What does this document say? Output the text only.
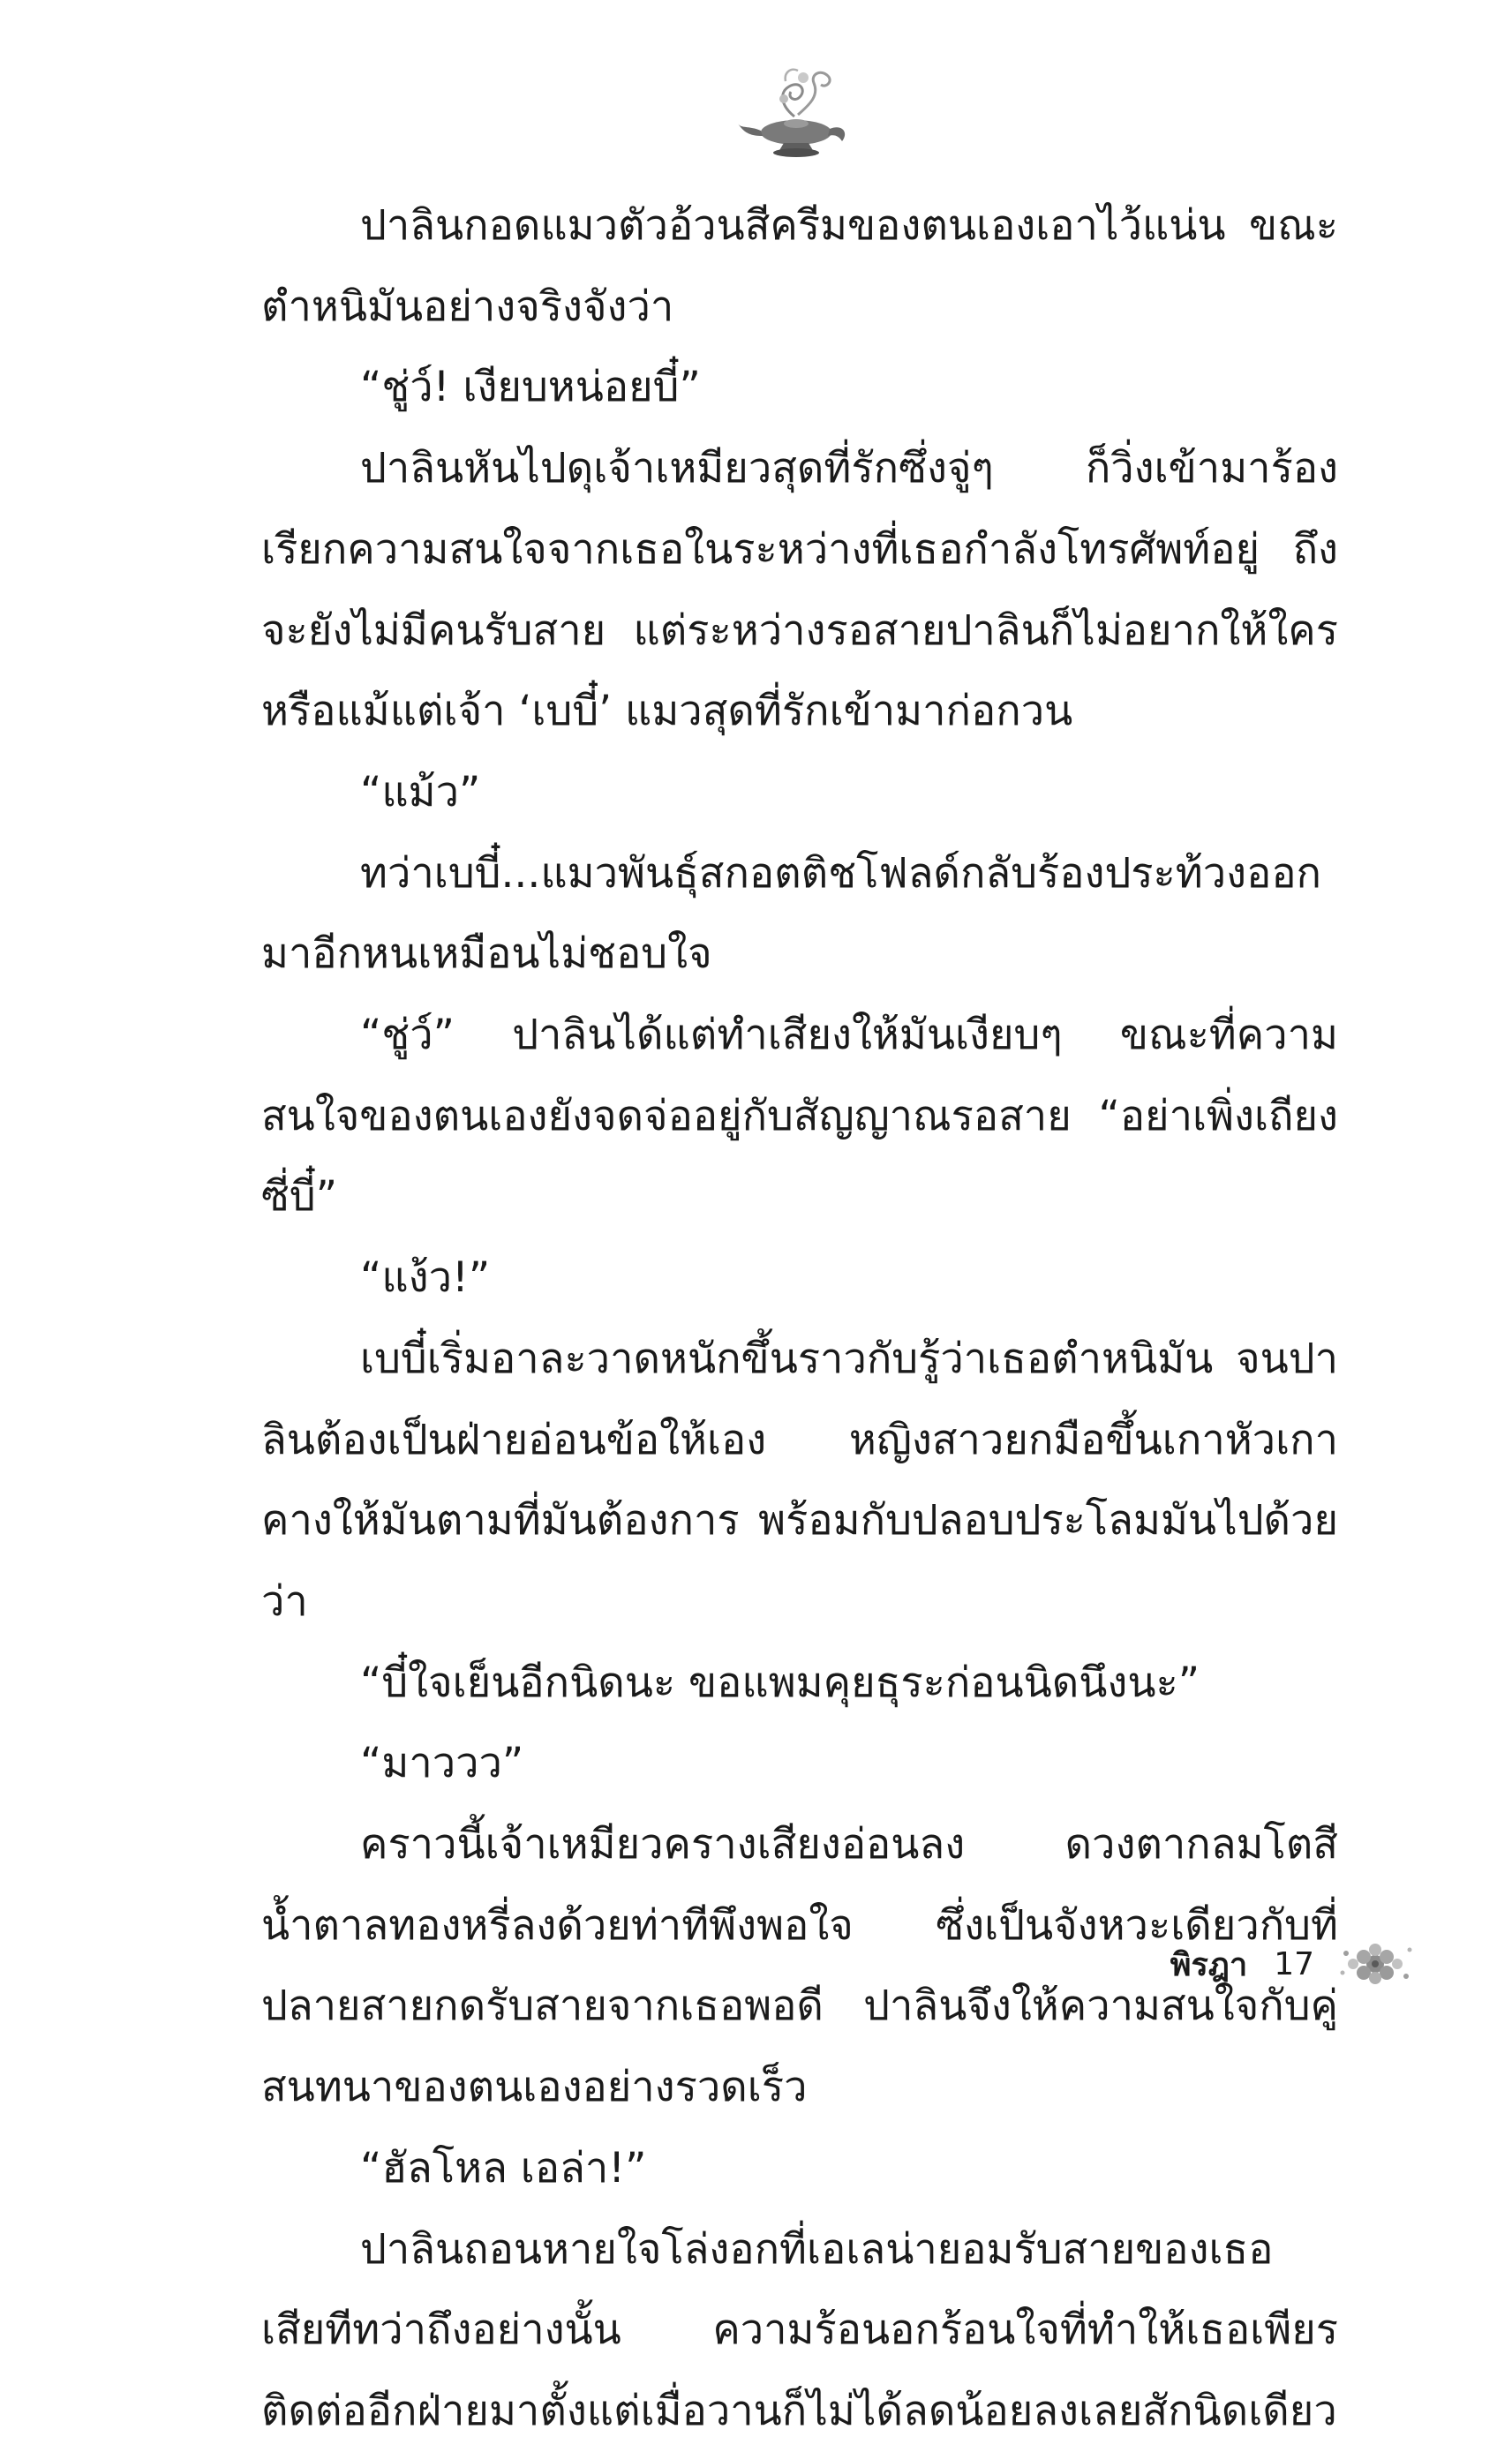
ปาลินกอดแมวตัวอ้วนสีครีมของตนเองเอาไว้แน่น ขณะตำหนิมันอย่างจริงจังว่า

“ชู่ว์! เงียบหน่อยบี๋”

ปาลินหันไปดุเจ้าเหมียวสุดที่รักซึ่งจู่ๆ ก็วิ่งเข้ามาร้องเรียกความสนใจจากเธอในระหว่างที่เธอกำลังโทรศัพท์อยู่ ถึงจะยังไม่มีคนรับสาย แต่ระหว่างรอสายปาลินก็ไม่อยากให้ใครหรือแม้แต่เจ้า ‘เบบี๋’ แมวสุดที่รักเข้ามาก่อกวน

“แม้ว”

ทว่าเบบี๋...แมวพันธุ์สกอตติชโฟลด์กลับร้องประท้วงออกมาอีกหนเหมือนไม่ชอบใจ

“ชู่ว์” ปาลินได้แต่ทำเสียงให้มันเงียบๆ ขณะที่ความสนใจของตนเองยังจดจ่ออยู่กับสัญญาณรอสาย “อย่าเพิ่งเถียงซี่บี๋”

“แง้ว!”

เบบี๋เริ่มอาละวาดหนักขึ้นราวกับรู้ว่าเธอตำหนิมัน จนปาลินต้องเป็นฝ่ายอ่อนข้อให้เอง หญิงสาวยกมือขึ้นเกาหัวเกาคางให้มันตามที่มันต้องการ พร้อมกับปลอบประโลมมันไปด้วยว่า

“บี๋ใจเย็นอีกนิดนะ ขอแพมคุยธุระก่อนนิดนึงนะ”

“มาววว”

คราวนี้เจ้าเหมียวครางเสียงอ่อนลง ดวงตากลมโตสีน้ำตาลทองหรี่ลงด้วยท่าทีพึงพอใจ ซึ่งเป็นจังหวะเดียวกับที่ปลายสายกดรับสายจากเธอพอดี ปาลินจึงให้ความสนใจกับคู่สนทนาของตนเองอย่างรวดเร็ว

“ฮัลโหล เอล่า!”

ปาลินถอนหายใจโล่งอกที่เอเลน่ายอมรับสายของเธอเสียทีทว่าถึงอย่างนั้น ความร้อนอกร้อนใจที่ทำให้เธอเพียรติดต่ออีกฝ่ายมาตั้งแต่เมื่อวานก็ไม่ได้ลดน้อยลงเลยสักนิดเดียว

พิรฎา 17
